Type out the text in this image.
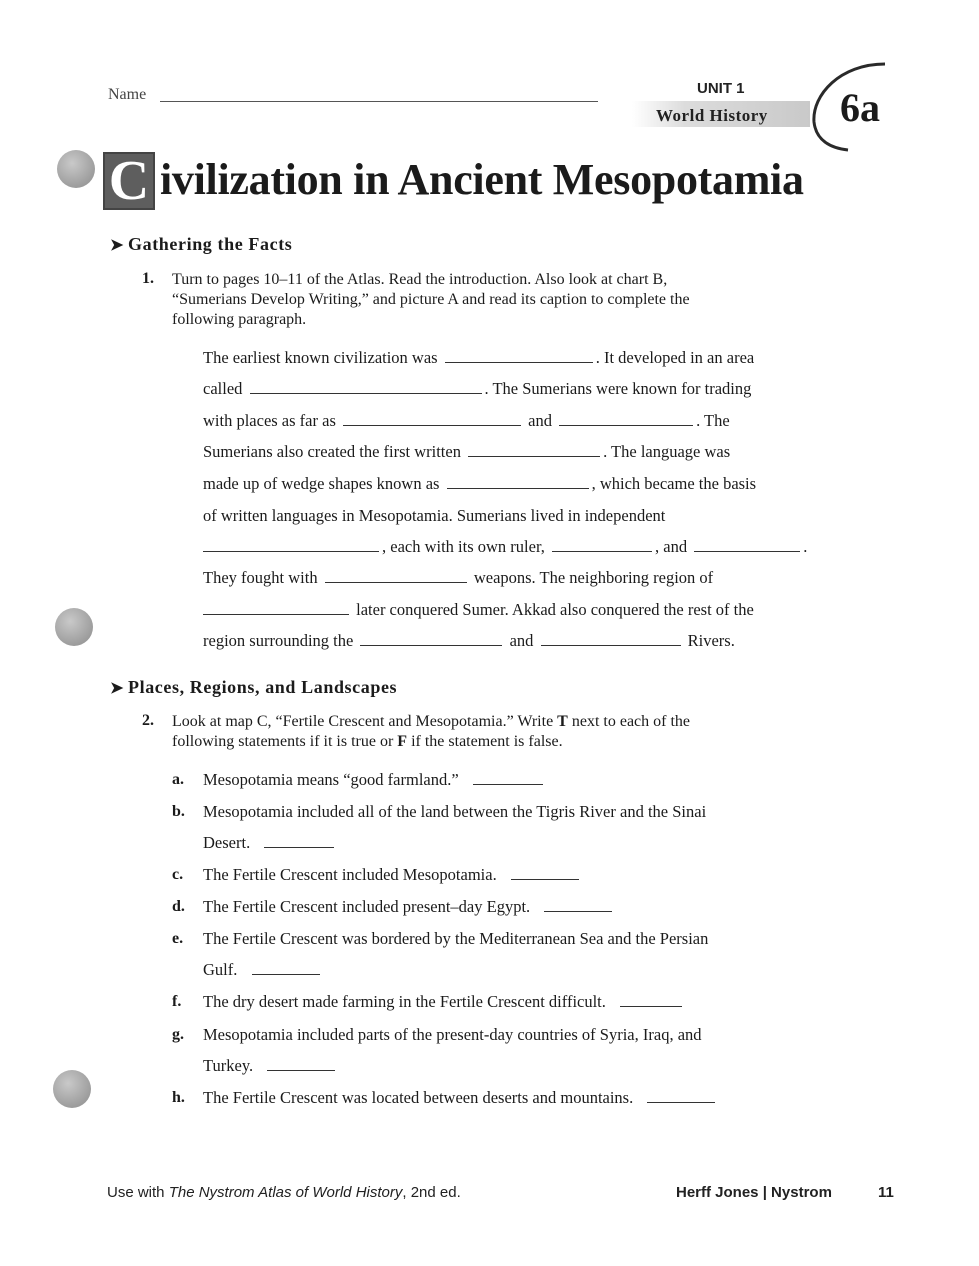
Name	UNIT 1
World History 6a
C ivilization in Ancient Mesopotamia
➤ Gathering the Facts
1. Turn to pages 10–11 of the Atlas. Read the introduction. Also look at chart B,
“Sumerians Develop Writing,” and picture A and read its caption to complete the
following paragraph.
The earliest known civilization was	. It developed in an area
called	. The Sumerians were known for trading
with places as far as	and	. The
Sumerians also created the first written	. The language was
made up of wedge shapes known as	, which became the basis
of written languages in Mesopotamia. Sumerians lived in independent
, each with its own ruler,	, and	.
They fought with	weapons. The neighboring region of
later conquered Sumer. Akkad also conquered the rest of the
region surrounding the	and	Rivers.
➤ Places, Regions, and Landscapes
2. Look at map C, “Fertile Crescent and Mesopotamia.” Write T next to each of the
following statements if it is true or F if the statement is false.
a. Mesopotamia means “good farmland.”
b. Mesopotamia included all of the land between the Tigris River and the Sinai
Desert.
c. The Fertile Crescent included Mesopotamia.
d. The Fertile Crescent included present–day Egypt.
e. The Fertile Crescent was bordered by the Mediterranean Sea and the Persian
Gulf.
f. The dry desert made farming in the Fertile Crescent difficult.
g. Mesopotamia included parts of the present-day countries of Syria, Iraq, and
Turkey.
h. The Fertile Crescent was located between deserts and mountains.
Use with The Nystrom Atlas of World History, 2nd ed.	Herff Jones | Nystrom	11
